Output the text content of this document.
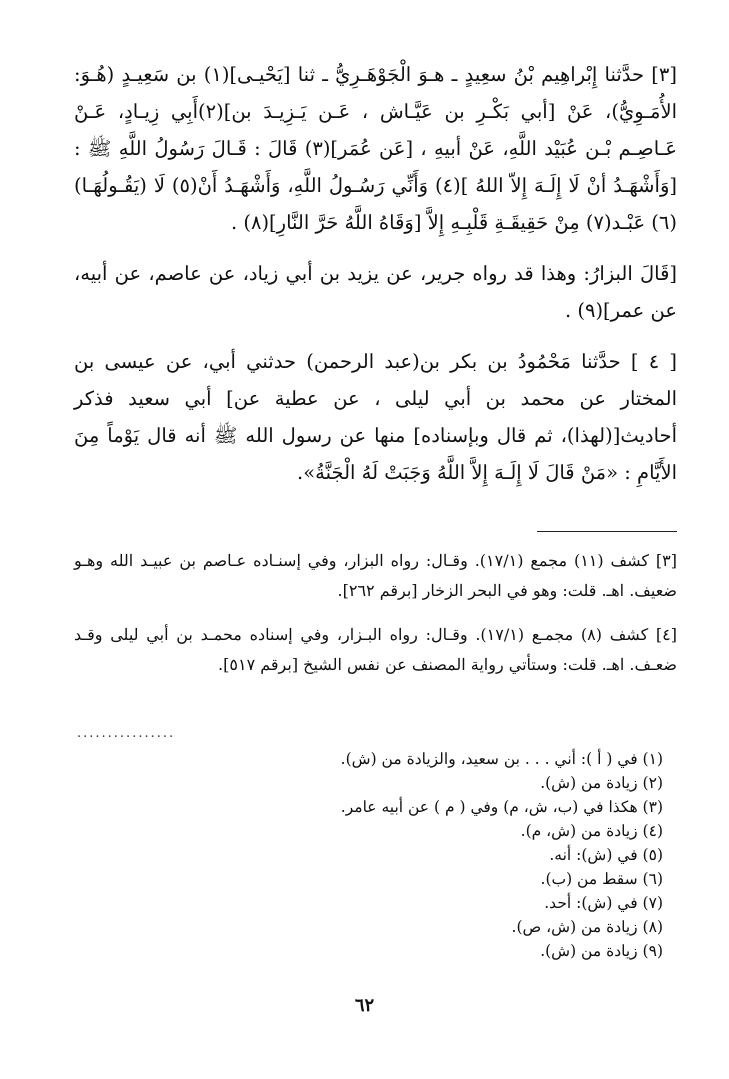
[٣] حدَّثنا إِبْراهِيم بْنُ سعِيدٍ ـ هـوَ الْجَوْهَـرِيُّ ـ ثنا [يَحْيـى](١) بن سَعِيـدٍ (هُـوَ: الأُمَـوِيُّ)، عَنْ [أبي بَكْـرِ بن عَيَّـاش ، عَـن يَـزِيـدَ بن](٢)أَبِي زِيـادٍ، عَـنْ عَـاصِـم بْـن عُبَيْد اللَّهِ، عَنْ أبيهِ ، [عَن عُمَر](٣) قَالَ : قَـالَ رَسُولُ اللَّهِ ﷺ : [وَأَشْهَـدُ أنْ لَا إِلَـهَ إِلاّ اللهُ ](٤) وَأَنِّي رَسُـولُ اللَّهِ، وَأَشْهَـدُ أَنْ(٥) لَا (يَقُـولُهَـا)(٦) عَبْـد(٧) مِنْ حَقِيقَـةِ قَلْبِـهِ إِلاَّ [وَقَاهُ اللَّهُ حَرَّ النَّارِ](٨) .

[قَالَ البزارُ: وهذا قد رواه جرير، عن يزيد بن أبي زياد، عن عاصم، عن أبيه، عن عمر](٩) .

[ ٤ ] حدَّثنا مَحْمُودُ بن بكر بن(عبد الرحمن) حدثني أبي، عن عيسى بن المختار عن محمد بن أبي ليلى ، عن عطية عن] أبي سعيد فذكر أحاديث[(لهذا)، ثم قال وبإسناده] منها عن رسول الله ﷺ أنه قال يَوْماً مِنَ الأَيَّامِ : «مَنْ قَالَ لَا إِلَـهَ إِلاَّ اللَّهُ وَجَبَتْ لَهُ الْجَنَّةُ».

[٣] كشف (١١) مجمع (١٧/١). وقـال: رواه البزار، وفي إسنـاده عـاصم بن عبيـد الله وهـو ضعيف. اهـ. قلت: وهو في البحر الزخار [برقم ٢٦٢].

[٤] كشف (٨) مجمـع (١٧/١). وقـال: رواه البـزار، وفي إسناده محمـد بن أبي ليلى وقـد ضعـف. اهـ. قلت: وستأتي رواية المصنف عن نفس الشيخ [برقم ٥١٧].

................
(١) في ( أ ): أني . . . بن سعيد، والزيادة من (ش).
(٢) زيادة من (ش).
(٣) هكذا في (ب، ش، م) وفي ( م ) عن أبيه عامر.
(٤) زيادة من (ش، م).
(٥) في (ش): أنه.
(٦) سقط من (ب).
(٧) في (ش): أحد.
(٨) زيادة من (ش، ص).
(٩) زيادة من (ش).
٦٢
